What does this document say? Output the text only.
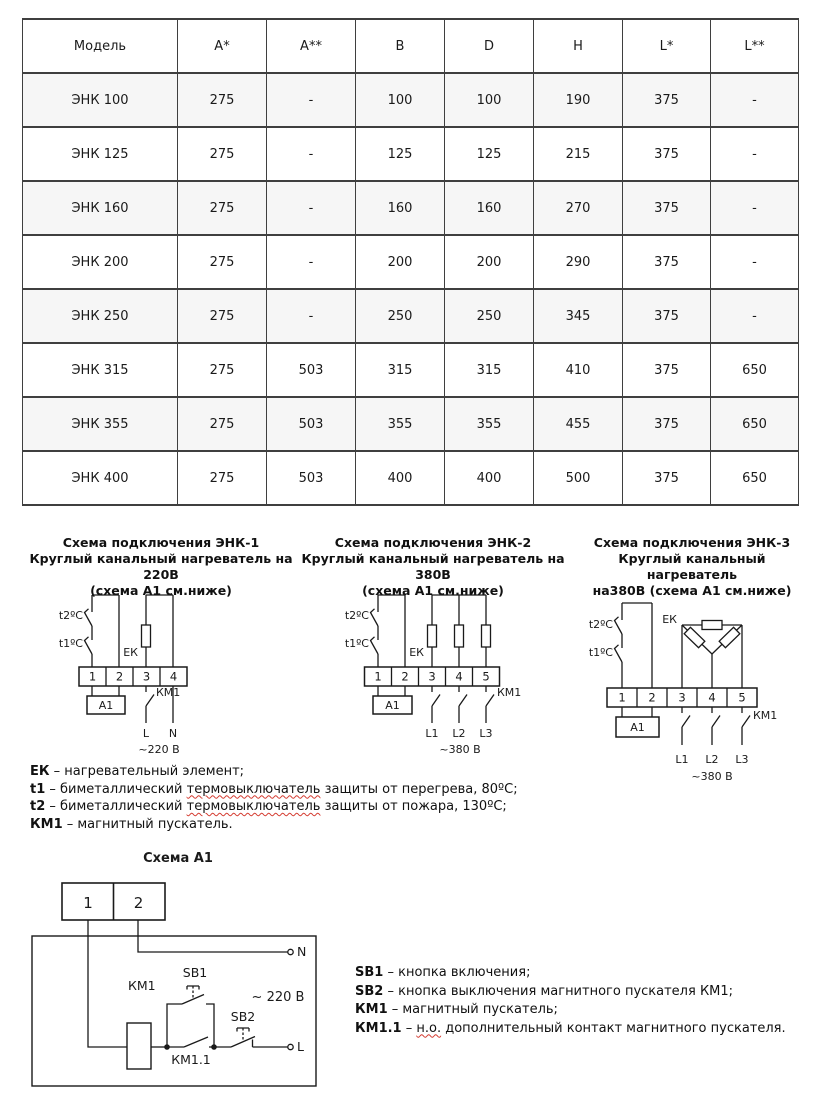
Модель	А*	А**	В	D	Н	L*	L**
ЭНК 100	275	-	100	100	190	375	-
ЭНК 125	275	-	125	125	215	375	-
ЭНК 160	275	-	160	160	270	375	-
ЭНК 200	275	-	200	200	290	375	-
ЭНК 250	275	-	250	250	345	375	-
ЭНК 315	275	503	315	315	410	375	650
ЭНК 355	275	503	355	355	455	375	650
ЭНК 400	275	503	400	400	500	375	650
Схема подключения ЭНК-1
Круглый канальный нагреватель на 220В
(схема А1 см.ниже)
Схема подключения ЭНК-2
Круглый канальный нагреватель на 380В
(схема А1 см.ниже)
Схема подключения ЭНК-3
Круглый канальный нагреватель
на380В (схема А1 см.ниже)
t2ºC
t1ºC
ЕК
1 2 3 4
А1
КМ1
L N
~220 В
t2ºC
t1ºC
ЕК
1 2 3 4 5
А1
КМ1
L1 L2 L3
~380 В
t2ºC
t1ºC
ЕК
1 2 3 4 5
А1
КМ1
L1 L2 L3
~380 В
ЕК – нагревательный элемент;
t1 – биметаллический термовыключатель защиты от перегрева, 80ºС;
t2 – биметаллический термовыключатель защиты от пожара, 130ºС;
КМ1 – магнитный пускатель.
Схема А1
1	2
N
L
КМ1
SB1
SB2
КМ1.1
~ 220 В
SB1 – кнопка включения;
SB2 – кнопка выключения магнитного пускателя КМ1;
КМ1 – магнитный пускатель;
КМ1.1 – н.о. дополнительный контакт магнитного пускателя.
